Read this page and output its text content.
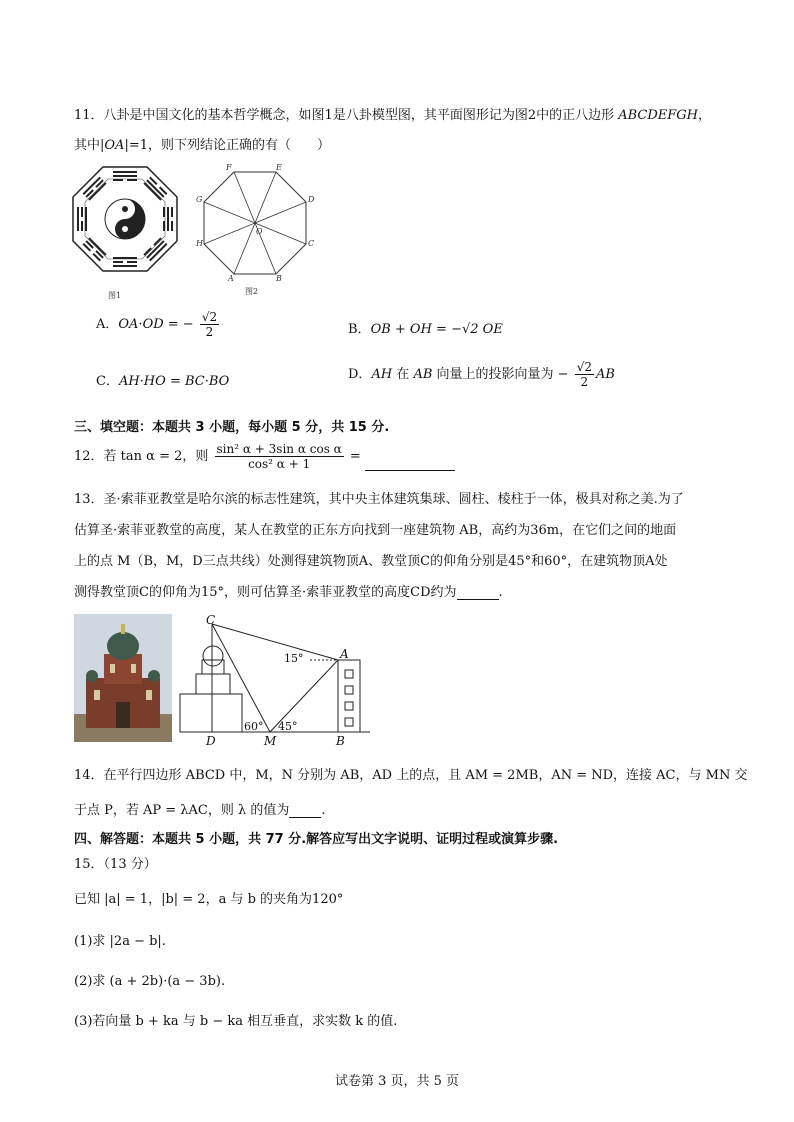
11．八卦是中国文化的基本哲学概念，如图1是八卦模型图，其平面图形记为图2中的正八边形 ABCDEFGH，
其中|OA|=1，则下列结论正确的有（　　）
图1
F	E
G	D
H	C
A	B
O
图2
A．OA·OD = − $\frac{√2}{2}$	B．OB + OH = −√2 OE
C．AH·HO = BC·BO	D．AH 在 AB 向量上的投影向量为 − $\frac{√2}{2}$ AB
三、填空题：本题共 3 小题，每小题 5 分，共 15 分.
12．若 tan α = 2，则 $\frac{\text{sin² α + 3sin α cos α}}{\text{cos² α + 1}}$ =
13．圣·索菲亚教堂是哈尔滨的标志性建筑，其中央主体建筑集球、圆柱、棱柱于一体，极具对称之美.为了
估算圣·索菲亚教堂的高度，某人在教堂的正东方向找到一座建筑物 AB，高约为36m，在它们之间的地面
上的点 M（B，M，D三点共线）处测得建筑物顶A、教堂顶C的仰角分别是45°和60°，在建筑物顶A处
测得教堂顶C的仰角为15°，则可估算圣·索菲亚教堂的高度CD约为	.
C
A
D	M	B
15°
60° 45°
14．在平行四边形 ABCD 中，M，N 分别为 AB，AD 上的点，且 AM = 2MB，AN = ND，连接 AC，与 MN 交
于点 P，若 AP = λAC，则 λ 的值为 .
四、解答题：本题共 5 小题，共 77 分.解答应写出文字说明、证明过程或演算步骤.
15．（13 分）
已知 |a| = 1，|b| = 2，a 与 b 的夹角为120°
(1)求 |2a − b|.
(2)求 (a + 2b)·(a − 3b).
(3)若向量 b + ka 与 b − ka 相互垂直，求实数 k 的值.
试卷第 3 页，共 5 页
